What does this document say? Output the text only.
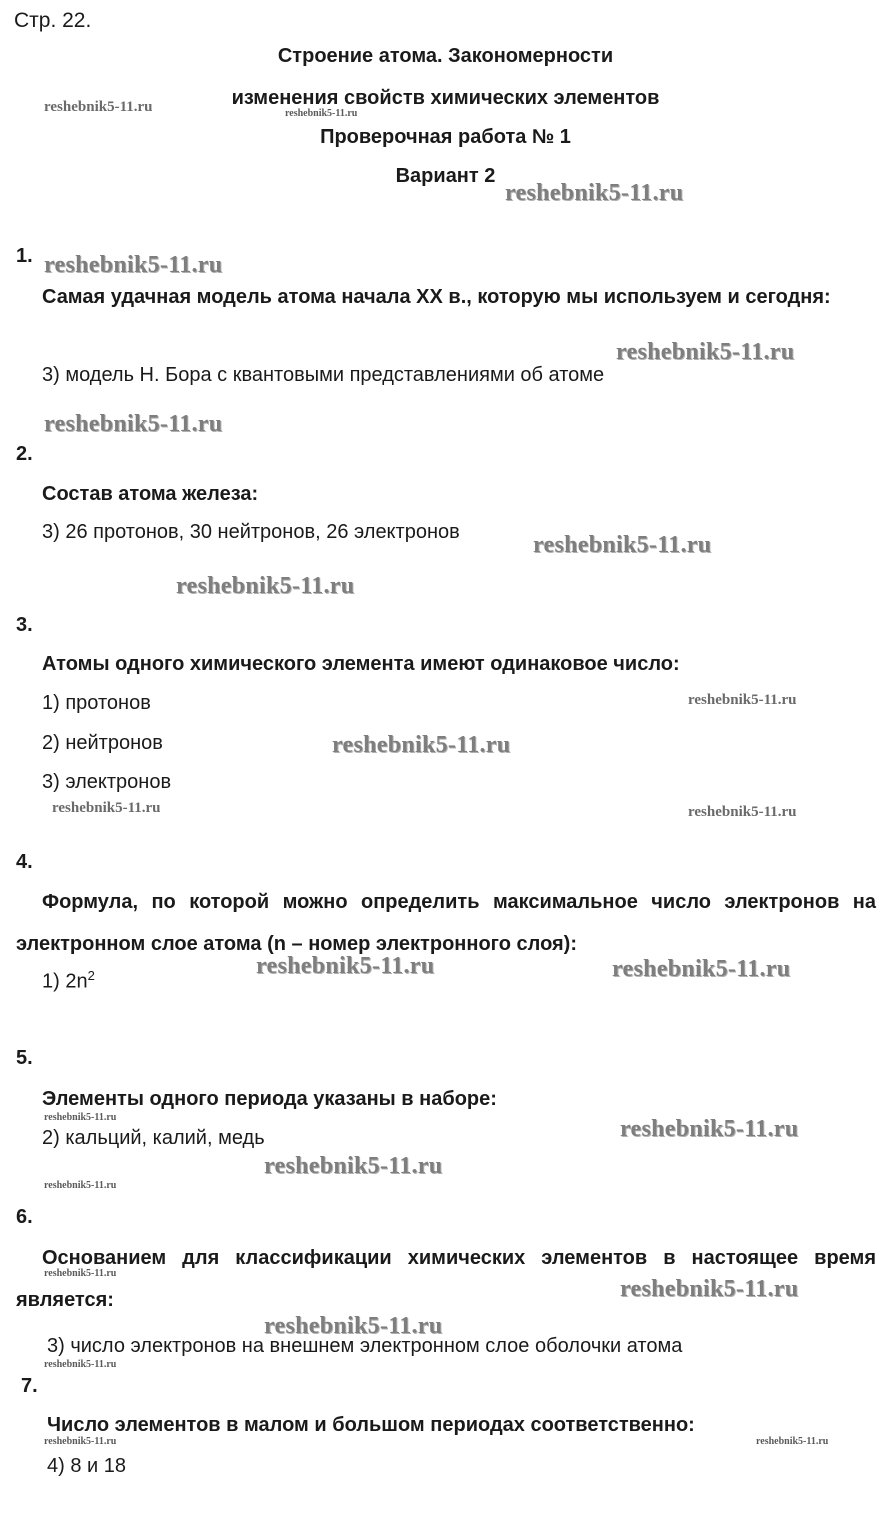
Стр. 22.
Строение атома. Закономерности
изменения свойств химических элементов
Проверочная работа № 1
Вариант 2
1.
Самая удачная модель атома начала XX в., которую мы используем и сегодня:
3) модель Н. Бора с квантовыми представлениями об атоме
2.
Состав атома железа:
3) 26 протонов, 30 нейтронов, 26 электронов
3.
Атомы одного химического элемента имеют одинаковое число:
1) протонов
2) нейтронов
3) электронов
4.
Формула, по которой можно определить максимальное число электронов на электронном слое атома (n – номер электронного слоя):
1) $2n^2$
5.
Элементы одного периода указаны в наборе:
2) кальций, калий, медь
6.
Основанием для классификации химических элементов в настоящее время является:
3) число электронов на внешнем электронном слое оболочки атома
7.
Число элементов в малом и большом периодах соответственно:
4) 8 и 18
reshebnik5-11.ru	reshebnik5-11.ru
reshebnik5-11.ru
reshebnik5-11.ru
reshebnik5-11.ru
reshebnik5-11.ru
reshebnik5-11.ru
reshebnik5-11.ru
reshebnik5-11.ru
reshebnik5-11.ru
reshebnik5-11.ru	reshebnik5-11.ru
reshebnik5-11.ru	reshebnik5-11.ru
reshebnik5-11.ru	reshebnik5-11.ru
reshebnik5-11.ru
reshebnik5-11.ru
reshebnik5-11.ru
reshebnik5-11.ru
reshebnik5-11.ru
reshebnik5-11.ru
reshebnik5-11.ru	reshebnik5-11.ru
